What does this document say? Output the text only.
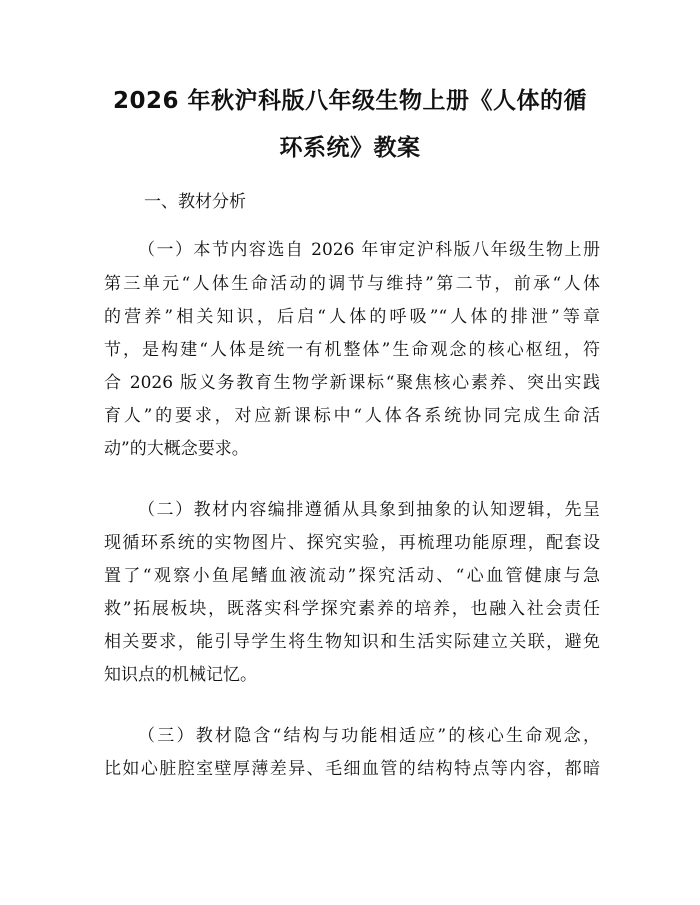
2026 年秋沪科版八年级生物上册《人体的循
环系统》教案
一、教材分析
（一）本节内容选自 2026 年审定沪科版八年级生物上册
第三单元“人体生命活动的调节与维持”第二节，前承“人体
的营养”相关知识，后启“人体的呼吸”“人体的排泄”等章
节，是构建“人体是统一有机整体”生命观念的核心枢纽，符
合 2026 版义务教育生物学新课标“聚焦核心素养、突出实践
育人”的要求，对应新课标中“人体各系统协同完成生命活
动”的大概念要求。
（二）教材内容编排遵循从具象到抽象的认知逻辑，先呈
现循环系统的实物图片、探究实验，再梳理功能原理，配套设
置了“观察小鱼尾鳍血液流动”探究活动、“心血管健康与急
救”拓展板块，既落实科学探究素养的培养，也融入社会责任
相关要求，能引导学生将生物知识和生活实际建立关联，避免
知识点的机械记忆。
（三）教材隐含“结构与功能相适应”的核心生命观念，
比如心脏腔室壁厚薄差异、毛细血管的结构特点等内容，都暗
